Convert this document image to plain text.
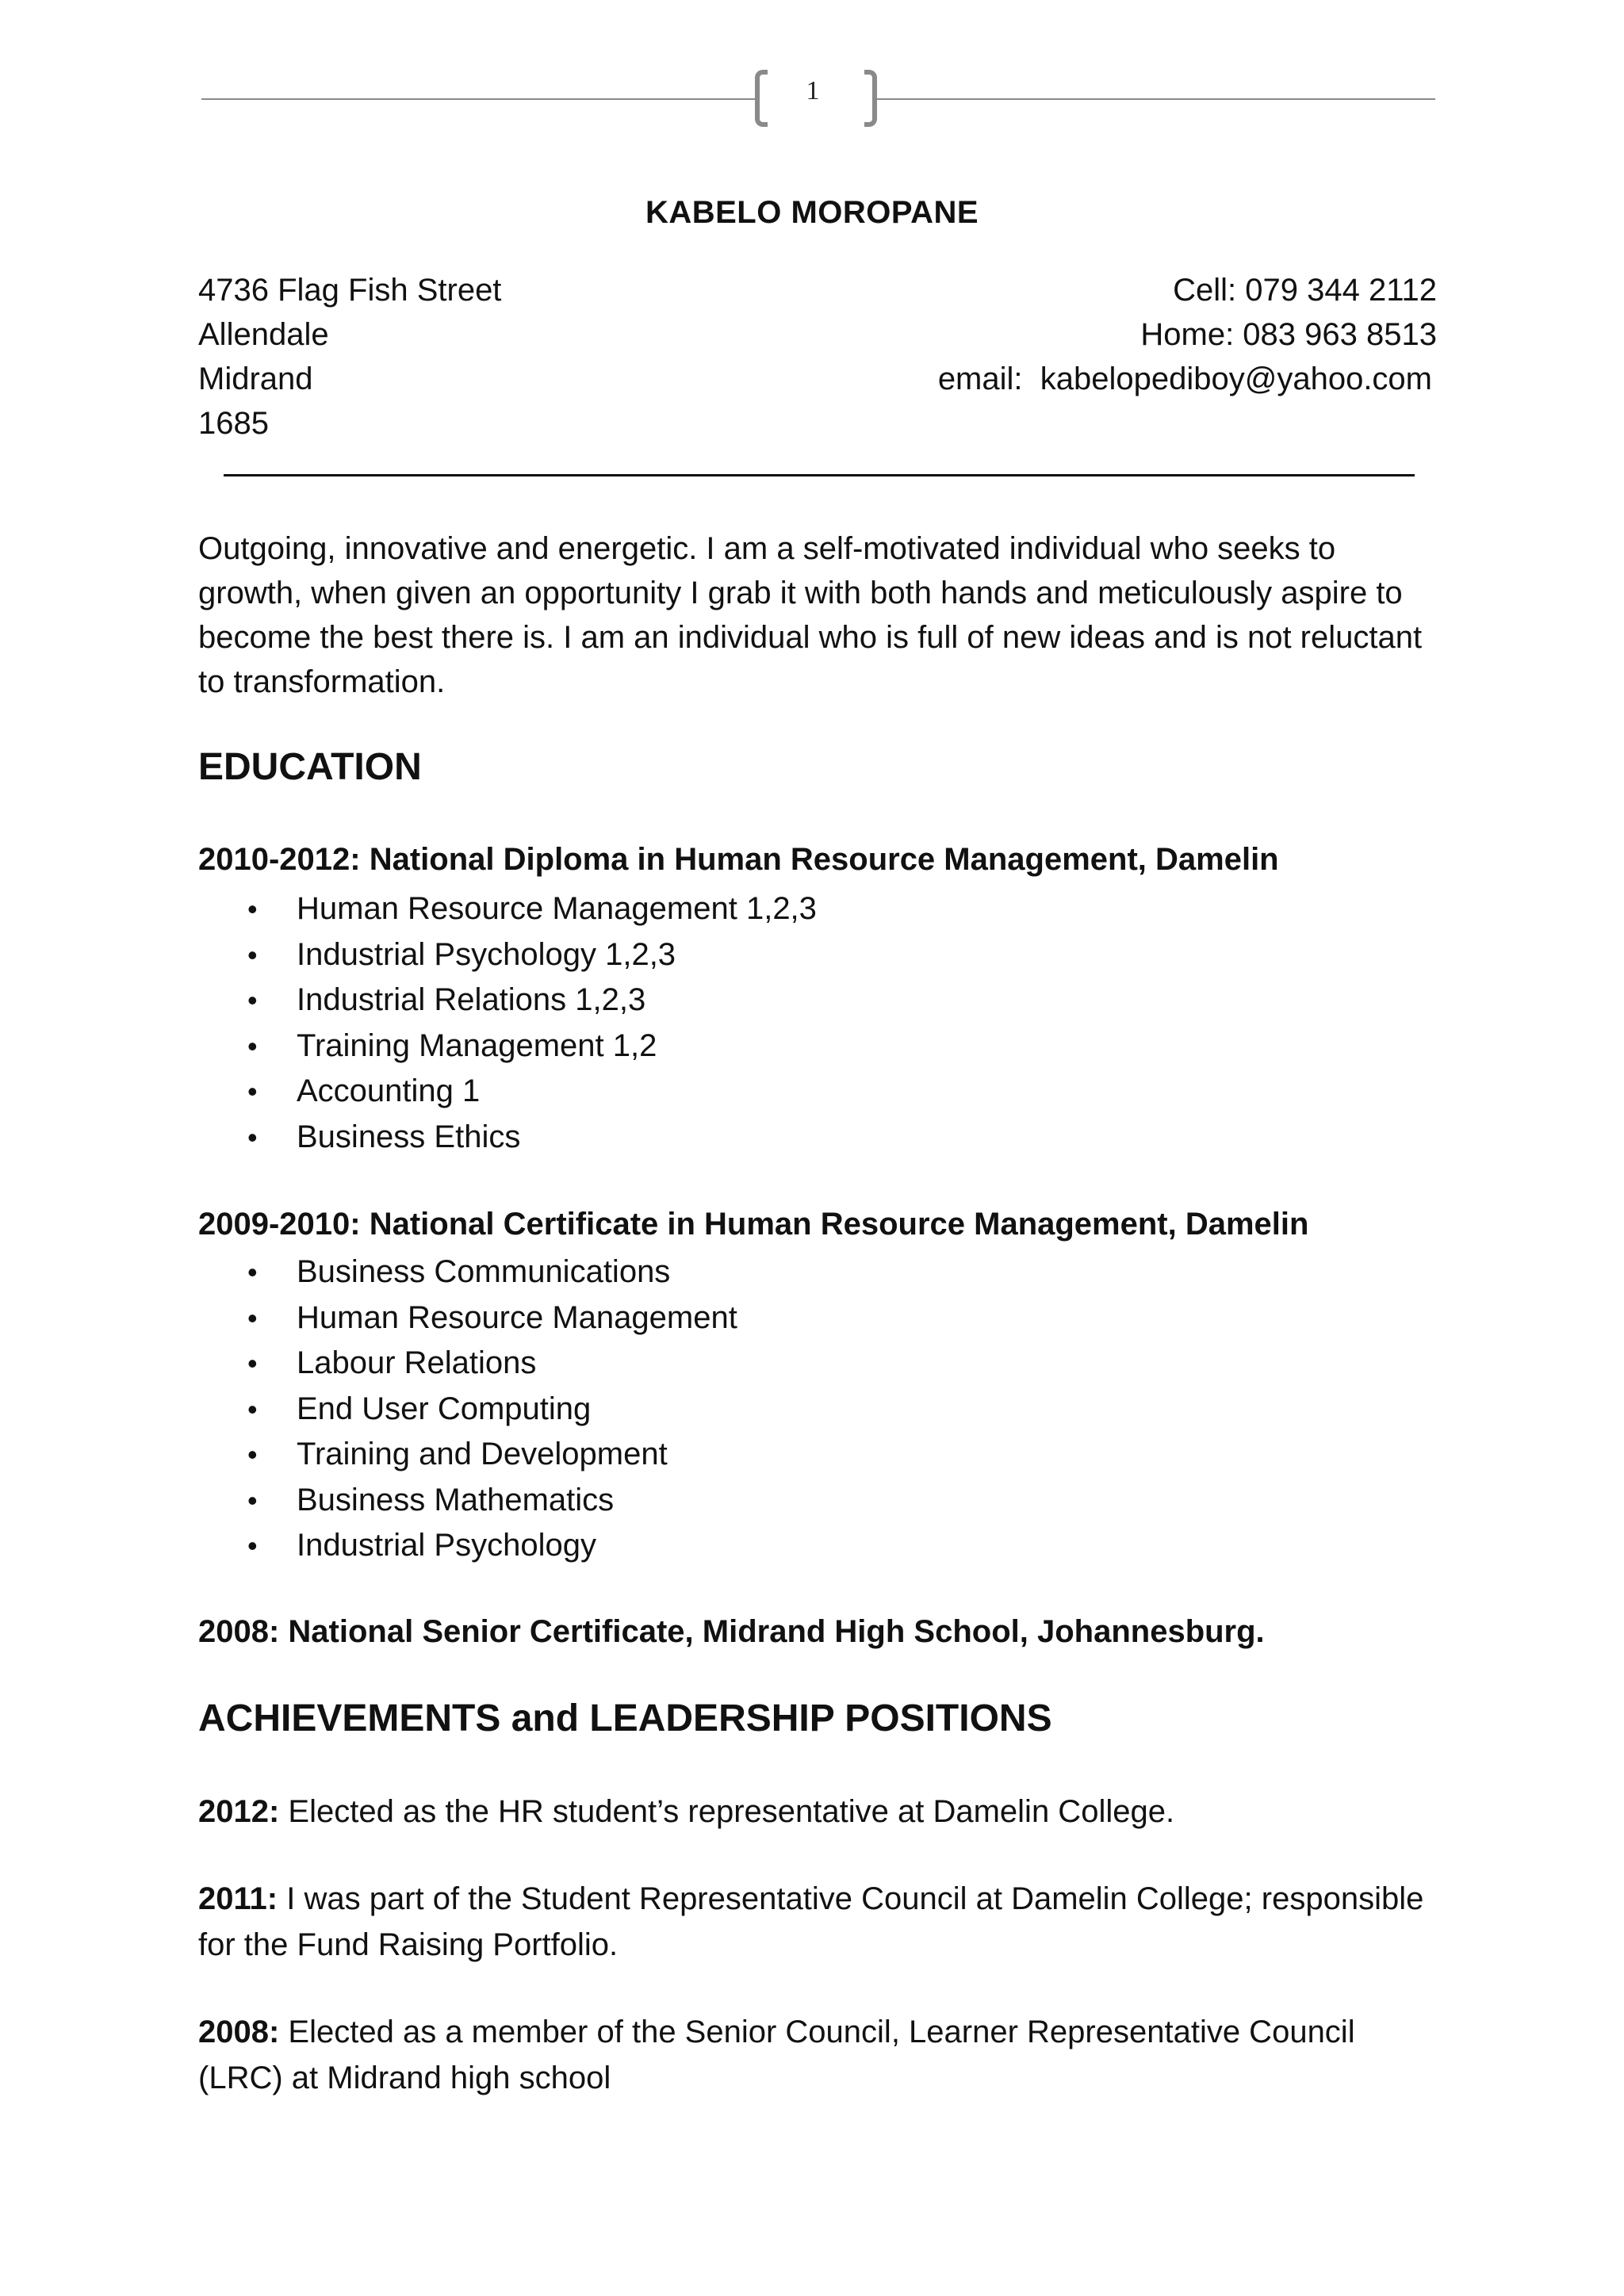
1
KABELO MOROPANE
4736 Flag Fish Street
Allendale
Midrand
1685
Cell: 079 344 2112
Home: 083 963 8513
email:  kabelopediboy@yahoo.com
Outgoing, innovative and energetic. I am a self-motivated individual who seeks to growth, when given an opportunity I grab it with both hands and meticulously aspire to become the best there is. I am an individual who is full of new ideas and is not reluctant to transformation.
EDUCATION
2010-2012: National Diploma in Human Resource Management, Damelin
• Human Resource Management 1,2,3
• Industrial Psychology 1,2,3
• Industrial Relations 1,2,3
• Training Management 1,2
• Accounting 1
• Business Ethics
2009-2010: National Certificate in Human Resource Management, Damelin
• Business Communications
• Human Resource Management
• Labour Relations
• End User Computing
• Training and Development
• Business Mathematics
• Industrial Psychology
2008: National Senior Certificate, Midrand High School, Johannesburg.
ACHIEVEMENTS and LEADERSHIP POSITIONS
2012: Elected as the HR student’s representative at Damelin College.
2011: I was part of the Student Representative Council at Damelin College; responsible for the Fund Raising Portfolio.
2008: Elected as a member of the Senior Council, Learner Representative Council (LRC) at Midrand high school
